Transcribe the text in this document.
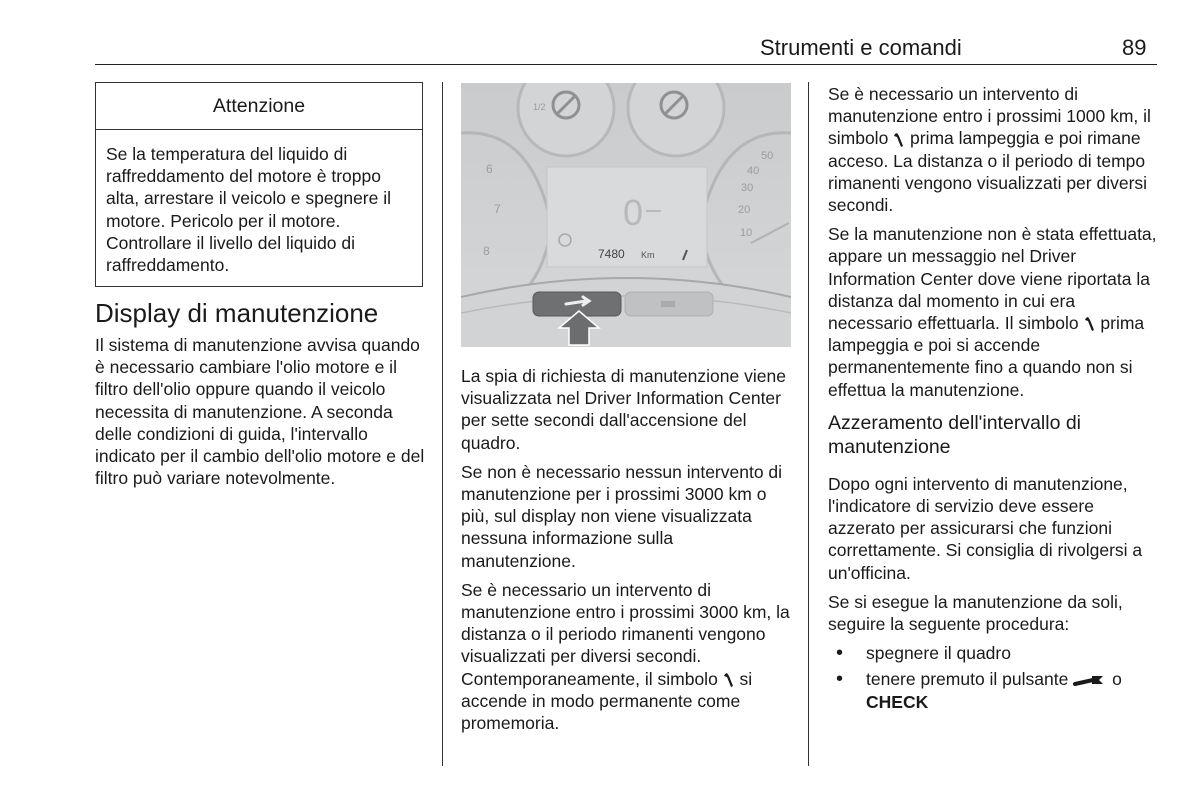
Strumenti e comandi	89
Attenzione
Se la temperatura del liquido di raffreddamento del motore è troppo alta, arrestare il veicolo e spegnere il motore. Pericolo per il motore. Controllare il livello del liquido di raffreddamento.
Display di manutenzione

Il sistema di manutenzione avvisa quando è necessario cambiare l'olio motore e il filtro dell'olio oppure quando il veicolo necessita di manutenzione. A seconda delle condizioni di guida, l'intervallo indicato per il cambio dell'olio motore e del filtro può variare notevolmente.

1/2
6
7
8
50
40
30
20
10
0
7480 Km

La spia di richiesta di manutenzione viene visualizzata nel Driver Information Center per sette secondi dall'accensione del quadro.

Se non è necessario nessun intervento di manutenzione per i prossimi 3000 km o più, sul display non viene visualizzata nessuna informazione sulla manutenzione.

Se è necessario un intervento di manutenzione entro i prossimi 3000 km, la distanza o il periodo rimanenti vengono visualizzati per diversi secondi. Contemporaneamente, il simbolo  si accende in modo permanente come promemoria.

Se è necessario un intervento di manutenzione entro i prossimi 1000 km, il simbolo  prima lampeggia e poi rimane acceso. La distanza o il periodo di tempo rimanenti vengono visualizzati per diversi secondi.

Se la manutenzione non è stata effettuata, appare un messaggio nel Driver Information Center dove viene riportata la distanza dal momento in cui era necessario effettuarla. Il simbolo  prima lampeggia e poi si accende permanentemente fino a quando non si effettua la manutenzione.

Azzeramento dell'intervallo di manutenzione

Dopo ogni intervento di manutenzione, l'indicatore di servizio deve essere azzerato per assicurarsi che funzioni correttamente. Si consiglia di rivolgersi a un'officina.

Se si esegue la manutenzione da soli, seguire la seguente procedura:

• spegnere il quadro
• tenere premuto il pulsante  o
CHECK
